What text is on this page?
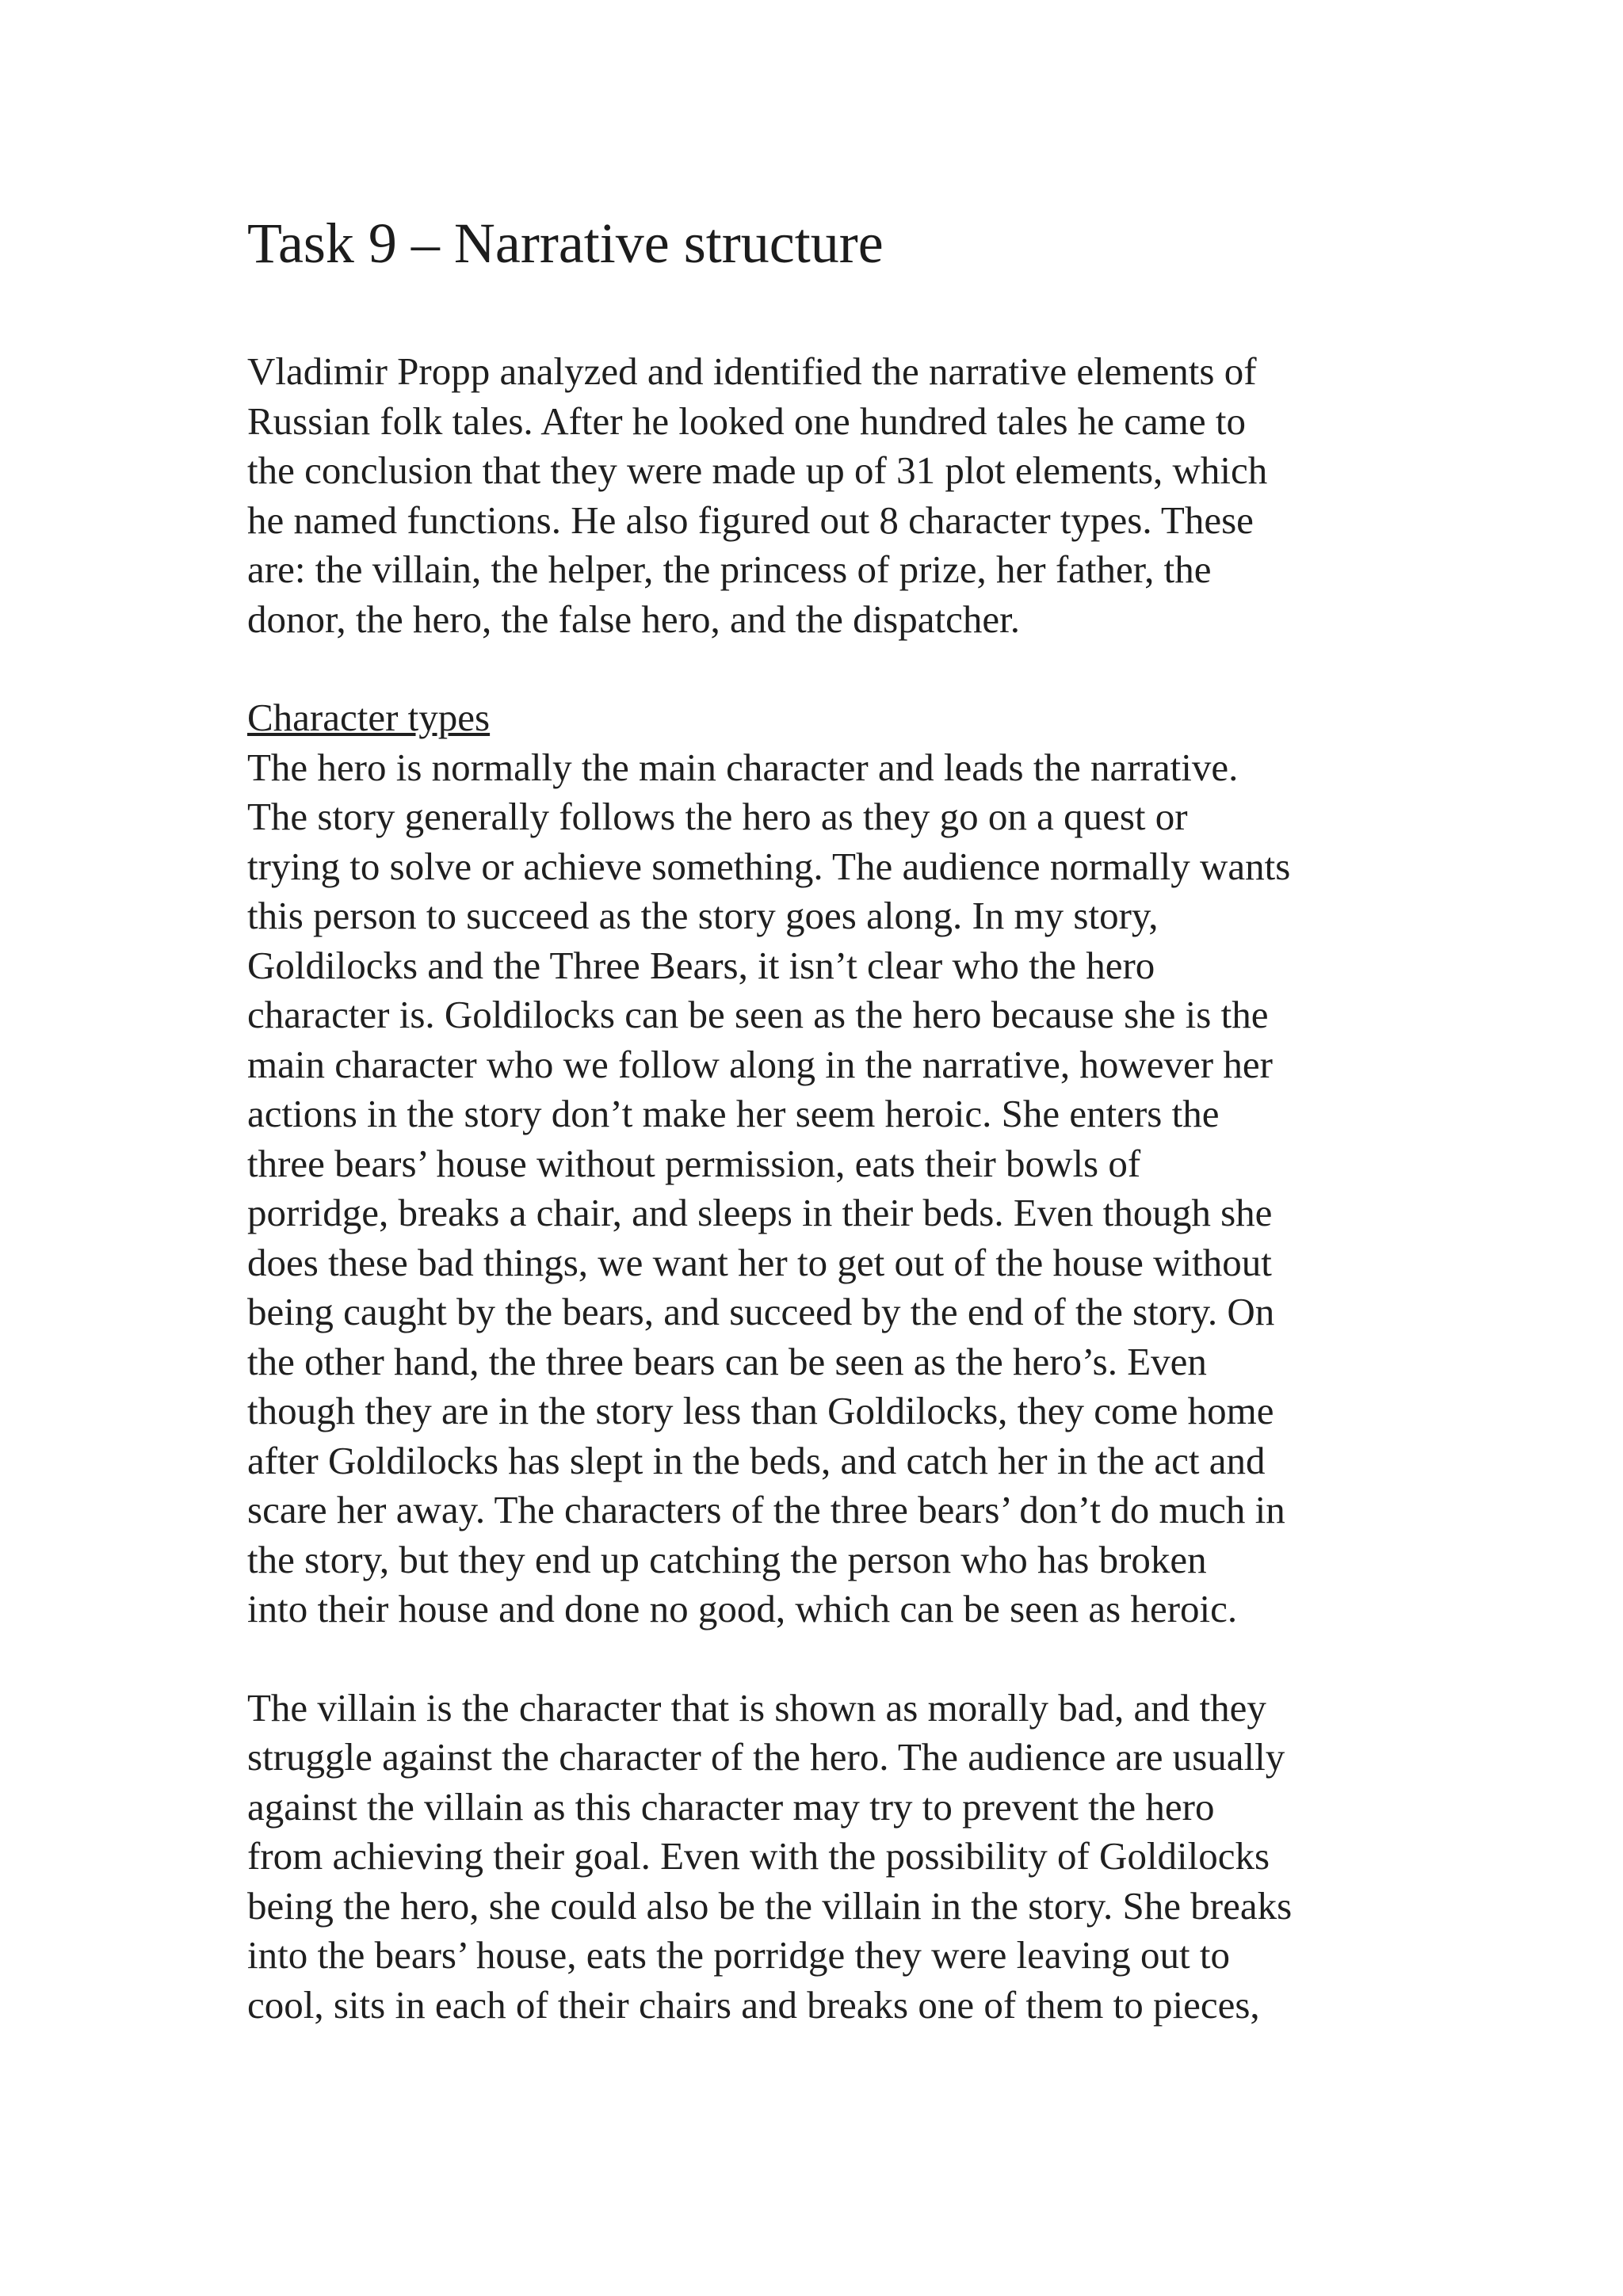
Task 9 – Narrative structure
Vladimir Propp analyzed and identified the narrative elements of
Russian folk tales. After he looked one hundred tales he came to
the conclusion that they were made up of 31 plot elements, which
he named functions. He also figured out 8 character types. These
are: the villain, the helper, the princess of prize, her father, the
donor, the hero, the false hero, and the dispatcher.
Character types
The hero is normally the main character and leads the narrative.
The story generally follows the hero as they go on a quest or
trying to solve or achieve something. The audience normally wants
this person to succeed as the story goes along. In my story,
Goldilocks and the Three Bears, it isn’t clear who the hero
character is. Goldilocks can be seen as the hero because she is the
main character who we follow along in the narrative, however her
actions in the story don’t make her seem heroic. She enters the
three bears’ house without permission, eats their bowls of
porridge, breaks a chair, and sleeps in their beds. Even though she
does these bad things, we want her to get out of the house without
being caught by the bears, and succeed by the end of the story. On
the other hand, the three bears can be seen as the hero’s. Even
though they are in the story less than Goldilocks, they come home
after Goldilocks has slept in the beds, and catch her in the act and
scare her away. The characters of the three bears’ don’t do much in
the story, but they end up catching the person who has broken
into their house and done no good, which can be seen as heroic.
The villain is the character that is shown as morally bad, and they
struggle against the character of the hero. The audience are usually
against the villain as this character may try to prevent the hero
from achieving their goal. Even with the possibility of Goldilocks
being the hero, she could also be the villain in the story. She breaks
into the bears’ house, eats the porridge they were leaving out to
cool, sits in each of their chairs and breaks one of them to pieces,
